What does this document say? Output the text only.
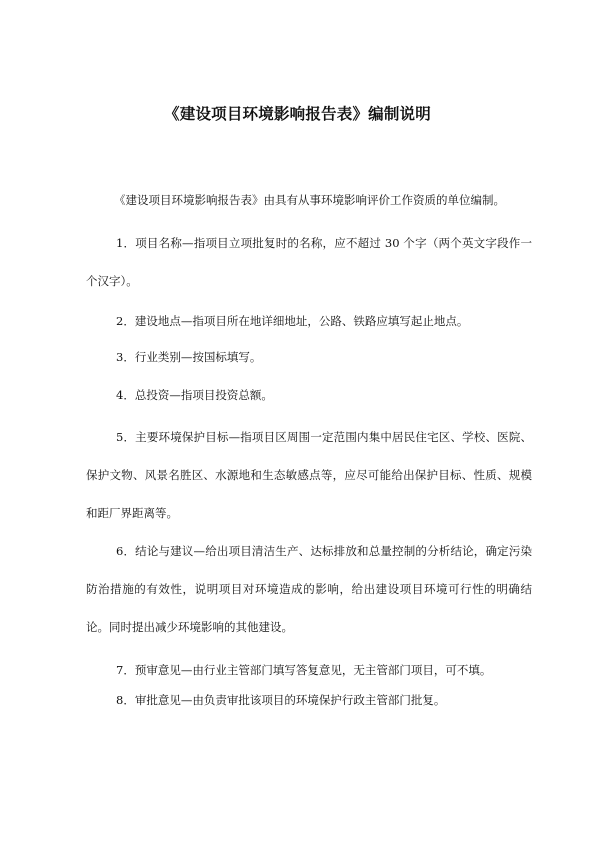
《建设项目环境影响报告表》编制说明

《建设项目环境影响报告表》由具有从事环境影响评价工作资质的单位编制。

1．项目名称—指项目立项批复时的名称，应不超过 30 个字（两个英文字段作一个汉字）。

2．建设地点—指项目所在地详细地址，公路、铁路应填写起止地点。

3．行业类别—按国标填写。

4．总投资—指项目投资总额。

5．主要环境保护目标—指项目区周围一定范围内集中居民住宅区、学校、医院、保护文物、风景名胜区、水源地和生态敏感点等，应尽可能给出保护目标、性质、规模和距厂界距离等。

6．结论与建议—给出项目清洁生产、达标排放和总量控制的分析结论，确定污染防治措施的有效性，说明项目对环境造成的影响，给出建设项目环境可行性的明确结论。同时提出减少环境影响的其他建设。

7．预审意见—由行业主管部门填写答复意见，无主管部门项目，可不填。

8．审批意见—由负责审批该项目的环境保护行政主管部门批复。
